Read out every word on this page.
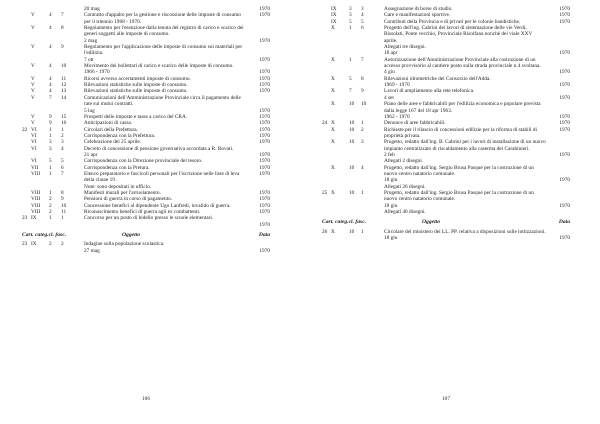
20 mag	1970
V	4 7	Contratto d'appalto per la gestione e riscossione delle imposte di consumo per il triennio 1968 - 1970.
1970
V	4 8	Regolamento per l'esenzione dalla tenuta del registro di carico e scarico dei generi soggetti alle imposte di consumo.
2 mag	1970
V	4 9	Regolamento per l'applicazione delle imposte di consumo sui materiali per l'edilizia.
7 ott	1970
V	4 10	Movimento dei bollettari di carico e scarico delle imposte di consumo.
1966 - 1970	1970
V	4 11	Ricorsi avverso accertamenti imposte di consumo.	1970
V	4 12	Rilevazioni statistiche sulle imposte di consumo.	1970
V	4 13	Rilevazioni statistiche sulle imposte di consumo.	1970
V	7 14	Comunicazioni dell'Amministrazione Provinciale circa il pagamento delle rate sui mutui contratti.
5 lug	1970
V	9 15	Prospetti delle imposte e tasse a carico del CRA.	1970
V	9 16	Anticipazioni di cassa.	1970
22 VI 1 1	Circolari della Prefettura.	1970
VI 1 2	Corrispondenza con la Prefettura.	1970
VI 3 3	Celebrazione del 25 aprile.	1970
VI 3 4	Decreto di concessione di pensione governativa accordata a R. Rovati.
21 apr	1970
VI 5 5	Corrispondenza con la Direzione provinciale del tesoro.	1970
VII 1 6	Corrispondenza con la Pretura.	1970
VIII 1 7	Elenco preparatorio e fascicoli personali per l'iscrizione nelle liste di leva della classe 19 .
1970
Note: sono depositati in ufficio.
VIII 1 8	Manifesti murali per l'arruolamento.	1970
VIII 2 9	Pensioni di guerra in corso di pagamento.	1970
VIII 2 10	Concessione benefici al dipendente Ugo Lanfredi, invalido di guerra.	1970
VIII 2 11	Riconoscimento benefici di guerra agli ex combattenti.	1970
23 IX 1 1	Concorso per un posto di bidello presso le scuole elementari.
1970
Cart. categ.cl. fasc.	Oggetto	Data
23 IX 2 2	Indagine sulla popolazione scolastica.
27 mag	1970
IX 3 3	Assegnazione di borse di studio.	1970
IX 3 4	Gare e manifestazioni sportive.	1970
IX 5 5	Contributi della Provincia e di privati per le colonie bandistiche.	1970
X	1 6	Progetto dell'ing. Cabrini dei lavori di sistemazione delle vie Verdi, Bissolati, Ponte vecchio, Provinciale Risolfana nonché del viale XXV aprile.
Allegati tre disegni.
18 apr	1970
X	1 7	Autorizzazione dell'Amministrazione Provinciale alla costruzione di un accesso provvisorio al cantiere posto sulla strada provinciale n.4 svoltana.
4 giu	1970
X	5 8	Rilevazioni idrometriche del Consorzio dell'Adda.
1969 - 1970	1970
X	7 9	Lavori di ampliamento alla rete telefonica.
4 set	1970
X	10 10	Piano delle aree e fabbricabili per l'edilizia economica e popolare prevista dalla legge 167 del 18 apr 1963.
1962 - 1970	1970
24 X	10 1	Denunce di aree fabbricabili.	1970
X	10 2	Richieste per il rilascio di concessioni edilizie per la riforma di stabili di proprietà privata.
1970
X	10 3	Progetto, redatto dall'ing. B. Cabrini per i lavori di installazione di un nuovo impianto centralizzato di riscaldamento alla caserma dei Carabinieri.
2 feb	1970
Allegati 2 disegni.
X	10 4	Progetto, redatto dall'ing. Sergio Brusa Pasqué per la costruzione di un nuovo centro natatorio comunale.
18 giu	1970
Allegati 26 disegni.
25 X	10 1	Progetto, redatto dall'ing. Sergio Brusa Pasqué per la costruzione di un nuovo centro natatorio comunale.
18 giu	1970
Allegati 40 disegni.
Cart. categ.cl. fasc.	Oggetto	Data
26 X	10 1	Circolare del ministero dei LL. PP. relativa a disposizioni sulle lottizzazioni.
18 giu	1970
106	107
